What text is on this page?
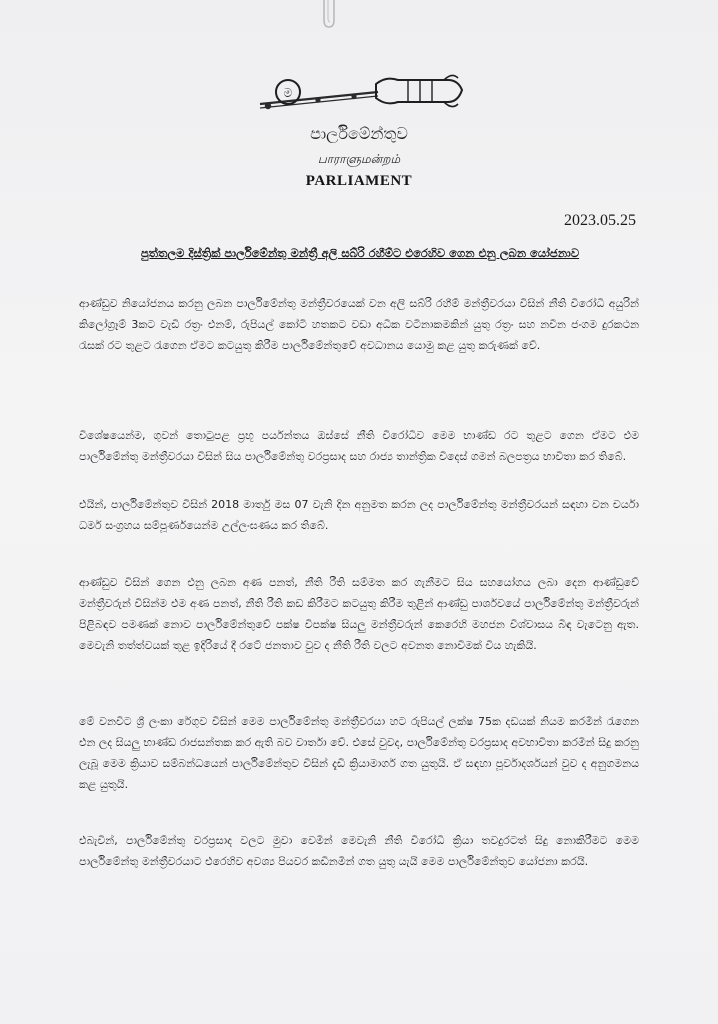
ම
පාර්ලිමේන්තුව
பாராளுமன்றம்
PARLIAMENT
2023.05.25
පුත්තලම දිස්ත්‍රික් පාර්ලිමේන්තු මන්ත්‍රී අලි සබ්රි රහීම්ට එරෙහිව ගෙන එනු ලබන යෝජනාව
ආණ්ඩුව නියෝජනය කරනු ලබන පාර්ලිමේන්තු මන්ත්‍රීවරයෙක් වන අලි සබ්රි රහීම් මන්ත්‍රීවරයා විසින් නීති විරෝධී අයුරින් කිලෝග්‍රෑම් 3කට වැඩි රත්‍රං එනම්, රුපියල් කෝටි හතකට වඩා අධික වටිනාකමකින් යුතු රත්‍රං සහ නවීන ජංගම දුරකථන රැසක් රට තුළට රැගෙන ඒමට කටයුතු කිරීම පාර්ලිමේන්තුවේ අවධානය යොමු කළ යුතු කරුණක් වේ.
විශේෂයෙන්ම, ගුවන් තොටුපළ ප්‍රභූ පර්යන්තය ඔස්සේ නීති විරෝධීව මෙම භාණ්ඩ රට තුළට ගෙන ඒමට එම පාර්ලිමේන්තු මන්ත්‍රීවරයා විසින් සිය පාර්ලිමේන්තු වරප්‍රසාද සහ රාජ්‍ය තාන්ත්‍රික විදෙස් ගමන් බලපත්‍රය භාවිතා කර තිබේ.
එයින්, පාර්ලිමේන්තුව විසින් 2018 මාර්තු මස 07 වැනි දින අනුමත කරන ලද පාර්ලිමේන්තු මන්ත්‍රීවරයන් සඳහා වන චර්යා ධර්ම සංග්‍රහය සම්පූර්ණයෙන්ම උල්ලංඝණය කර තිබේ.
ආණ්ඩුව විසින් ගෙන එනු ලබන අණ පනත්, නීති රීති සම්මත කර ගැනීමට සිය සහයෝගය ලබා දෙන ආණ්ඩුවේ මන්ත්‍රීවරුන් විසින්ම එම අණ පනත්, නීති රීති කඩ කිරීමට කටයුතු කිරීම තුළින් ආණ්ඩු පාර්ශවයේ පාර්ලිමේන්තු මන්ත්‍රීවරුන් පිළිබඳව පමණක් නොව පාර්ලිමේන්තුවේ පක්ෂ විපක්ෂ සියලු මන්ත්‍රීවරුන් කෙරෙහි මහජන විශ්වාසය බිඳ වැටෙනු ඇත. මෙවැනි තත්ත්වයක් තුළ ඉදිරියේ දී රටේ ජනතාව වුව ද නීති රීති වලට අවනත නොවීමක් විය හැකියි.
මේ වනවිට ශ්‍රී ලංකා රේගුව විසින් මෙම පාර්ලිමේන්තු මන්ත්‍රීවරයා හට රුපියල් ලක්ෂ 75ක දඩයක් නියම කරමින් රැගෙන එන ලද සියලු භාණ්ඩ රාජසන්තක කර ඇති බව වාර්තා වේ. එසේ වුවද, පාර්ලිමේන්තු වරප්‍රසාද අවභාවිතා කරමින් සිදු කරනු ලැබූ මෙම ක්‍රියාව සම්බන්ධයෙන් පාර්ලිමේන්තුව විසින් දැඩි ක්‍රියාමාර්ග ගත යුතුයි. ඒ සඳහා පූර්වාදර්ශයන් වුව ද අනුගමනය කළ යුතුයි.
එබැවින්, පාර්ලිමේන්තු වරප්‍රසාද වලට මුවා වෙමින් මෙවැනි නීති විරෝධී ක්‍රියා තවදුරටත් සිදු නොකිරීමට මෙම පාර්ලිමේන්තු මන්ත්‍රීවරයාට එරෙහිව අවශ්‍ය පියවර කඩිනමින් ගත යුතු යැයි මෙම පාර්ලිමේන්තුව යෝජනා කරයි.
